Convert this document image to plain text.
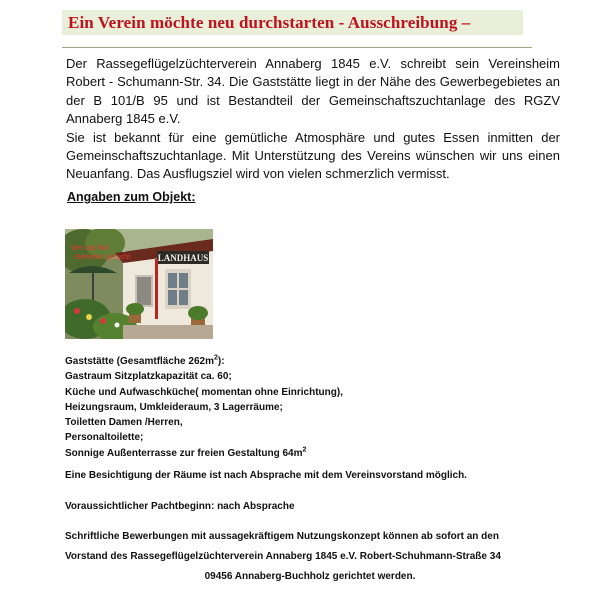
Ein Verein möchte neu durchstarten - Ausschreibung –

Der Rassegeflügelzüchterverein Annaberg 1845 e.V. schreibt sein Vereinsheim Robert - Schumann-Str. 34. Die Gaststätte liegt in der Nähe des Gewerbegebietes an der B 101/B 95 und ist Bestandteil der Gemeinschaftszuchtanlage des RGZV Annaberg 1845 e.V.

Sie ist bekannt für eine gemütliche Atmosphäre und gutes Essen inmitten der Gemeinschaftszuchtanlage. Mit Unterstützung des Vereins wünschen wir uns einen Neuanfang. Das Ausflugsziel wird von vielen schmerzlich vermisst.

Angaben zum Objekt:
LANDHAUS
Wer hat Mut
- Betreiber gesucht
Gaststätte (Gesamtfläche $262m^2$):
Gastraum Sitzplatzkapazität ca. 60;
Küche und Aufwaschküche( momentan ohne Einrichtung),
Heizungsraum, Umkleideraum, 3 Lagerräume;
Toiletten Damen /Herren,
Personaltoilette;
Sonnige Außenterrasse zur freien Gestaltung $64m^2$
Eine Besichtigung der Räume ist nach Absprache mit dem Vereinsvorstand möglich.
Voraussichtlicher Pachtbeginn: nach Absprache
Schriftliche Bewerbungen mit aussagekräftigem Nutzungskonzept können ab sofort an den
Vorstand des Rassegeflügelzüchterverein Annaberg 1845 e.V. Robert-Schuhmann-Straße 34
09456 Annaberg-Buchholz gerichtet werden.
